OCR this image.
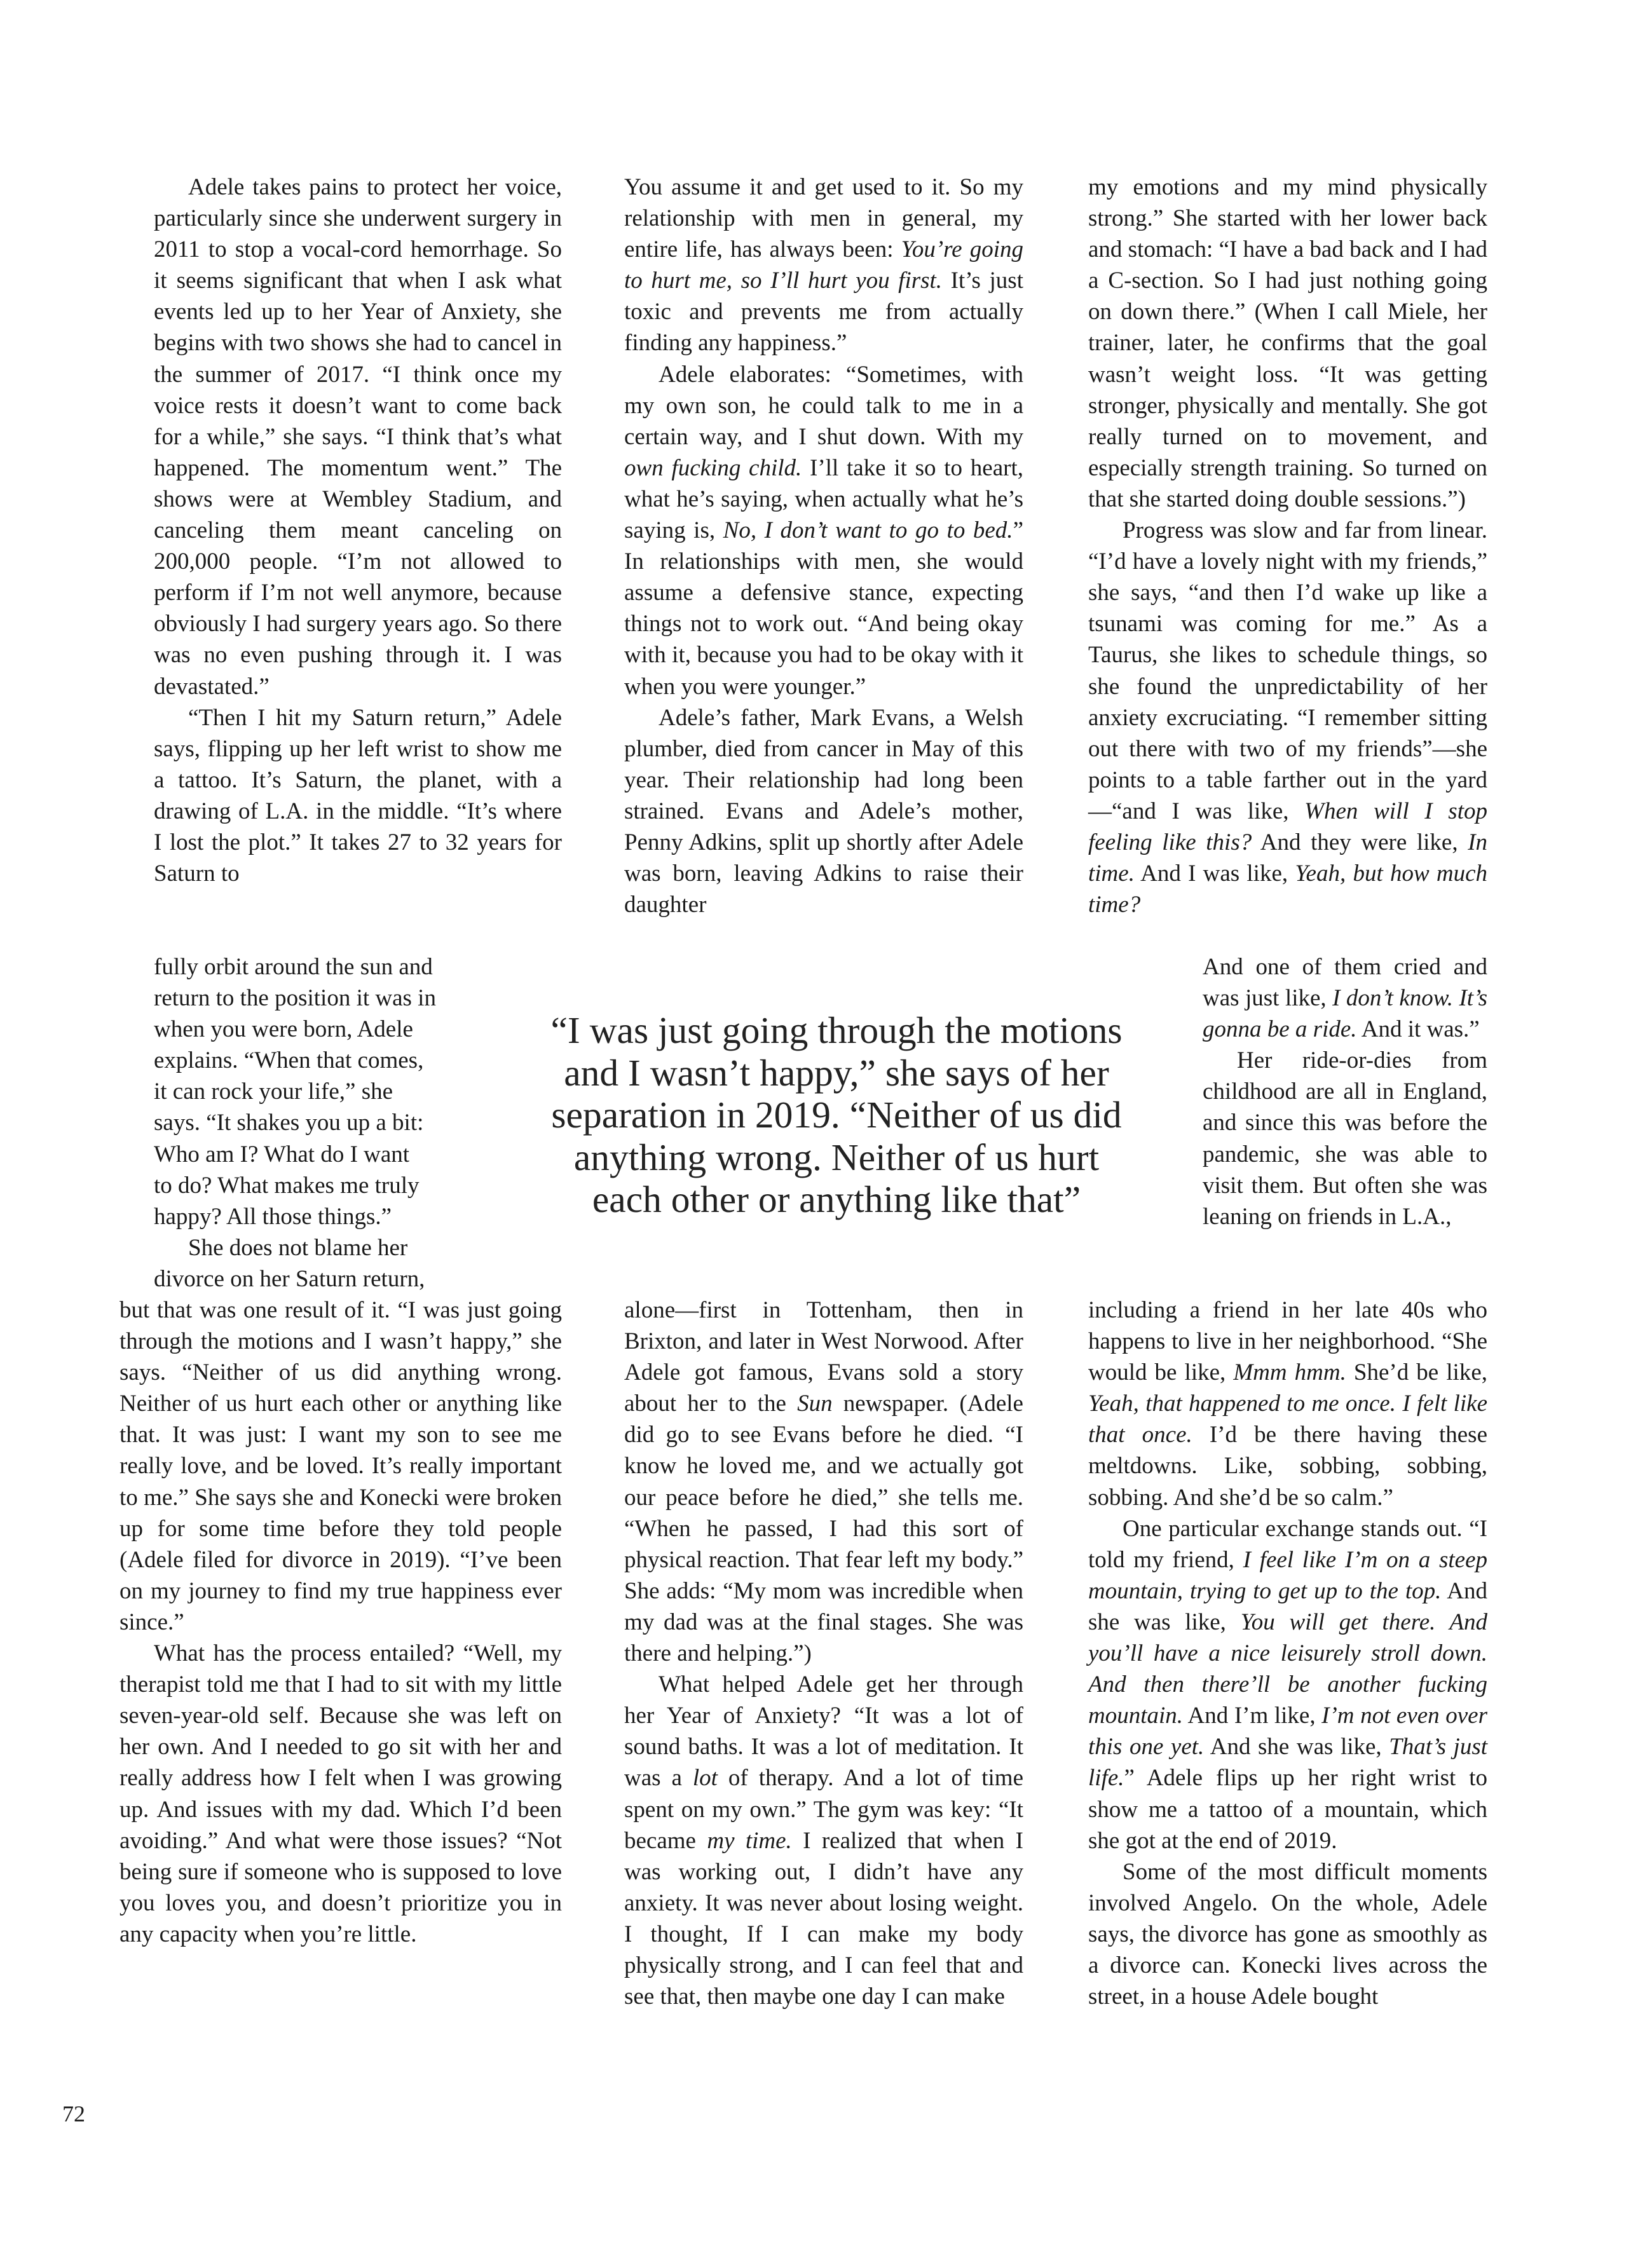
Adele takes pains to protect her voice, particularly since she underwent surgery in 2011 to stop a vocal-cord hemorrhage. So it seems significant that when I ask what events led up to her Year of Anxiety, she begins with two shows she had to cancel in the summer of 2017. “I think once my voice rests it doesn’t want to come back for a while,” she says. “I think that’s what happened. The momentum went.” The shows were at Wembley Stadium, and canceling them meant canceling on 200,000 people. “I’m not allowed to perform if I’m not well anymore, because obviously I had surgery years ago. So there was no even pushing through it. I was devastated.”

“Then I hit my Saturn return,” Adele says, flipping up her left wrist to show me a tattoo. It’s Saturn, the planet, with a drawing of L.A. in the middle. “It’s where I lost the plot.” It takes 27 to 32 years for Saturn to

fully orbit around the sun and
return to the position it was in
when you were born, Adele
explains. “When that comes,
it can rock your life,” she
says. “It shakes you up a bit:
Who am I? What do I want
to do? What makes me truly
happy? All those things.”

She does not blame her
divorce on her Saturn return,

but that was one result of it. “I was just going through the motions and I wasn’t happy,” she says. “Neither of us did anything wrong. Neither of us hurt each other or anything like that. It was just: I want my son to see me really love, and be loved. It’s really important to me.” She says she and Konecki were broken up for some time before they told people (Adele filed for divorce in 2019). “I’ve been on my journey to find my true happiness ever since.”

What has the process entailed? “Well, my therapist told me that I had to sit with my little seven-year-old self. Because she was left on her own. And I needed to go sit with her and really address how I felt when I was growing up. And issues with my dad. Which I’d been avoiding.” And what were those issues? “Not being sure if someone who is supposed to love you loves you, and doesn’t prioritize you in any capacity when you’re little.

You assume it and get used to it. So my relationship with men in general, my entire life, has always been: You’re going to hurt me, so I’ll hurt you first. It’s just toxic and prevents me from actually finding any happiness.”

Adele elaborates: “Sometimes, with my own son, he could talk to me in a certain way, and I shut down. With my own fucking child. I’ll take it so to heart, what he’s saying, when actually what he’s saying is, No, I don’t want to go to bed.” In relationships with men, she would assume a defensive stance, expecting things not to work out. “And being okay with it, because you had to be okay with it when you were younger.”

Adele’s father, Mark Evans, a Welsh plumber, died from cancer in May of this year. Their relationship had long been strained. Evans and Adele’s mother, Penny Adkins, split up shortly after Adele was born, leaving Adkins to raise their daughter

alone—first in Tottenham, then in Brixton, and later in West Norwood. After Adele got famous, Evans sold a story about her to the Sun newspaper. (Adele did go to see Evans before he died. “I know he loved me, and we actually got our peace before he died,” she tells me. “When he passed, I had this sort of physical reaction. That fear left my body.” She adds: “My mom was incredible when my dad was at the final stages. She was there and helping.”)

What helped Adele get her through her Year of Anxiety? “It was a lot of sound baths. It was a lot of meditation. It was a lot of therapy. And a lot of time spent on my own.” The gym was key: “It became my time. I realized that when I was working out, I didn’t have any anxiety. It was never about losing weight. I thought, If I can make my body physically strong, and I can feel that and see that, then maybe one day I can make

my emotions and my mind physically strong.” She started with her lower back and stomach: “I have a bad back and I had a C-section. So I had just nothing going on down there.” (When I call Miele, her trainer, later, he confirms that the goal wasn’t weight loss. “It was getting stronger, physically and mentally. She got really turned on to movement, and especially strength training. So turned on that she started doing double sessions.”)

Progress was slow and far from linear. “I’d have a lovely night with my friends,” she says, “and then I’d wake up like a tsunami was coming for me.” As a Taurus, she likes to schedule things, so she found the unpredictability of her anxiety excruciating. “I remember sitting out there with two of my friends”—she points to a table farther out in the yard—“and I was like, When will I stop feeling like this? And they were like, In time. And I was like, Yeah, but how much time?

And one of them cried and was just like, I don’t know. It’s gonna be a ride. And it was.”

Her ride-or-dies from childhood are all in England, and since this was before the pandemic, she was able to visit them. But often she was leaning on friends in L.A.,

including a friend in her late 40s who happens to live in her neighborhood. “She would be like, Mmm hmm. She’d be like, Yeah, that happened to me once. I felt like that once. I’d be there having these meltdowns. Like, sobbing, sobbing, sobbing. And she’d be so calm.”

One particular exchange stands out. “I told my friend, I feel like I’m on a steep mountain, trying to get up to the top. And she was like, You will get there. And you’ll have a nice leisurely stroll down. And then there’ll be another fucking mountain. And I’m like, I’m not even over this one yet. And she was like, That’s just life.” Adele flips up her right wrist to show me a tattoo of a mountain, which she got at the end of 2019.

Some of the most difficult moments involved Angelo. On the whole, Adele says, the divorce has gone as smoothly as a divorce can. Konecki lives across the street, in a house Adele bought

“I was just going through the motions
and I wasn’t happy,” she says of her
separation in 2019. “Neither of us did
anything wrong. Neither of us hurt
each other or anything like that”
72
